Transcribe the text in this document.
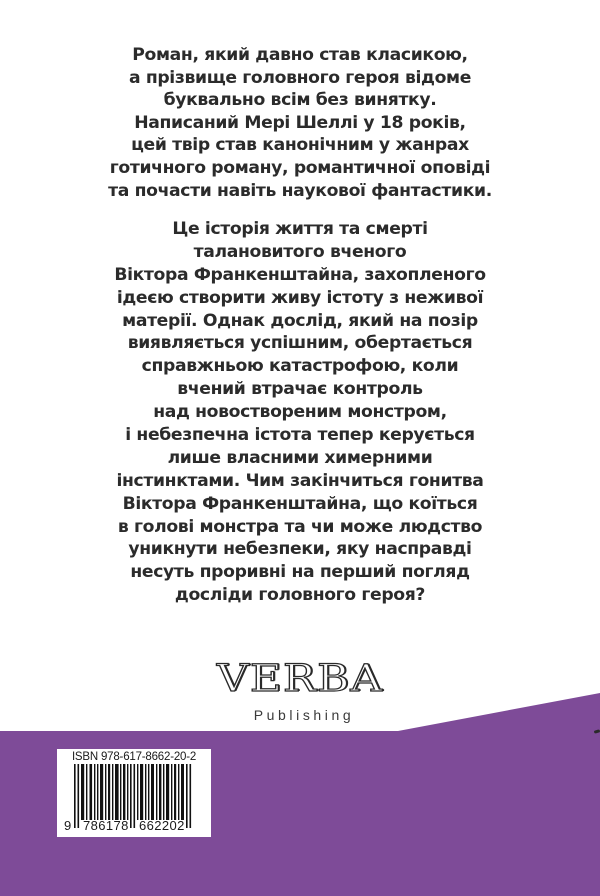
Роман, який давно став класикою,
а прізвище головного героя відоме
буквально всім без винятку.
Написаний Мері Шеллі у 18 років,
цей твір став канонічним у жанрах
готичного роману, романтичної оповіді
та почасти навіть наукової фантастики.
Це історія життя та смерті
талановитого вченого
Віктора Франкенштайна, захопленого
ідеєю створити живу істоту з неживої
матерії. Однак дослід, який на позір
виявляється успішним, обертається
справжньою катастрофою, коли
вчений втрачає контроль
над новоствореним монстром,
і небезпечна істота тепер керується
лише власними химерними
інстинктами. Чим закінчиться гонитва
Віктора Франкенштайна, що коїться
в голові монстра та чи може людство
уникнути небезпеки, яку насправді
несуть проривні на перший погляд
досліди головного героя?
VERBA
Publishing
ISBN 978-617-8662-20-2
9 786178 662202
